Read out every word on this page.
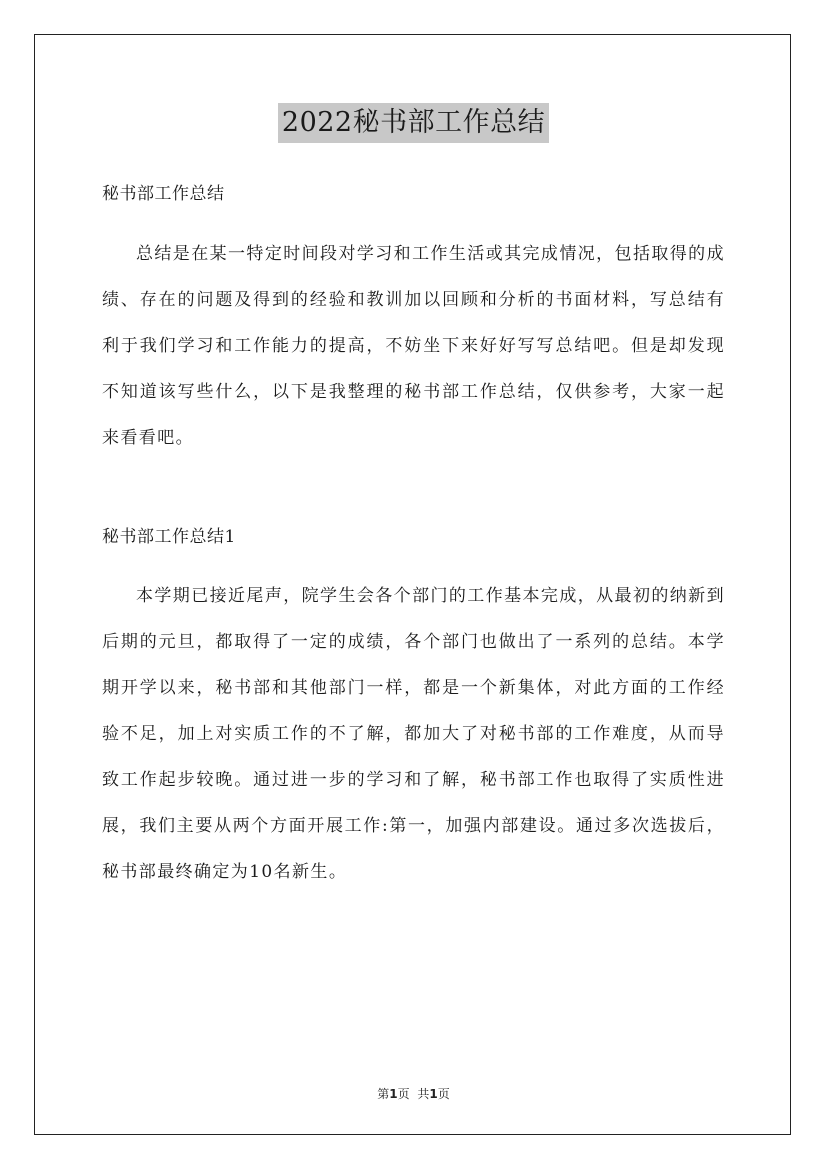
2022秘书部工作总结

秘书部工作总结

总结是在某一特定时间段对学习和工作生活或其完成情况，包括取得的成绩、存在的问题及得到的经验和教训加以回顾和分析的书面材料，写总结有利于我们学习和工作能力的提高，不妨坐下来好好写写总结吧。但是却发现不知道该写些什么，以下是我整理的秘书部工作总结，仅供参考，大家一起来看看吧。

秘书部工作总结1

本学期已接近尾声，院学生会各个部门的工作基本完成，从最初的纳新到后期的元旦，都取得了一定的成绩，各个部门也做出了一系列的总结。本学期开学以来，秘书部和其他部门一样，都是一个新集体，对此方面的工作经验不足，加上对实质工作的不了解，都加大了对秘书部的工作难度，从而导致工作起步较晚。通过进一步的学习和了解，秘书部工作也取得了实质性进展，我们主要从两个方面开展工作:第一，加强内部建设。通过多次选拔后，秘书部最终确定为10名新生。

第1页 共1页
